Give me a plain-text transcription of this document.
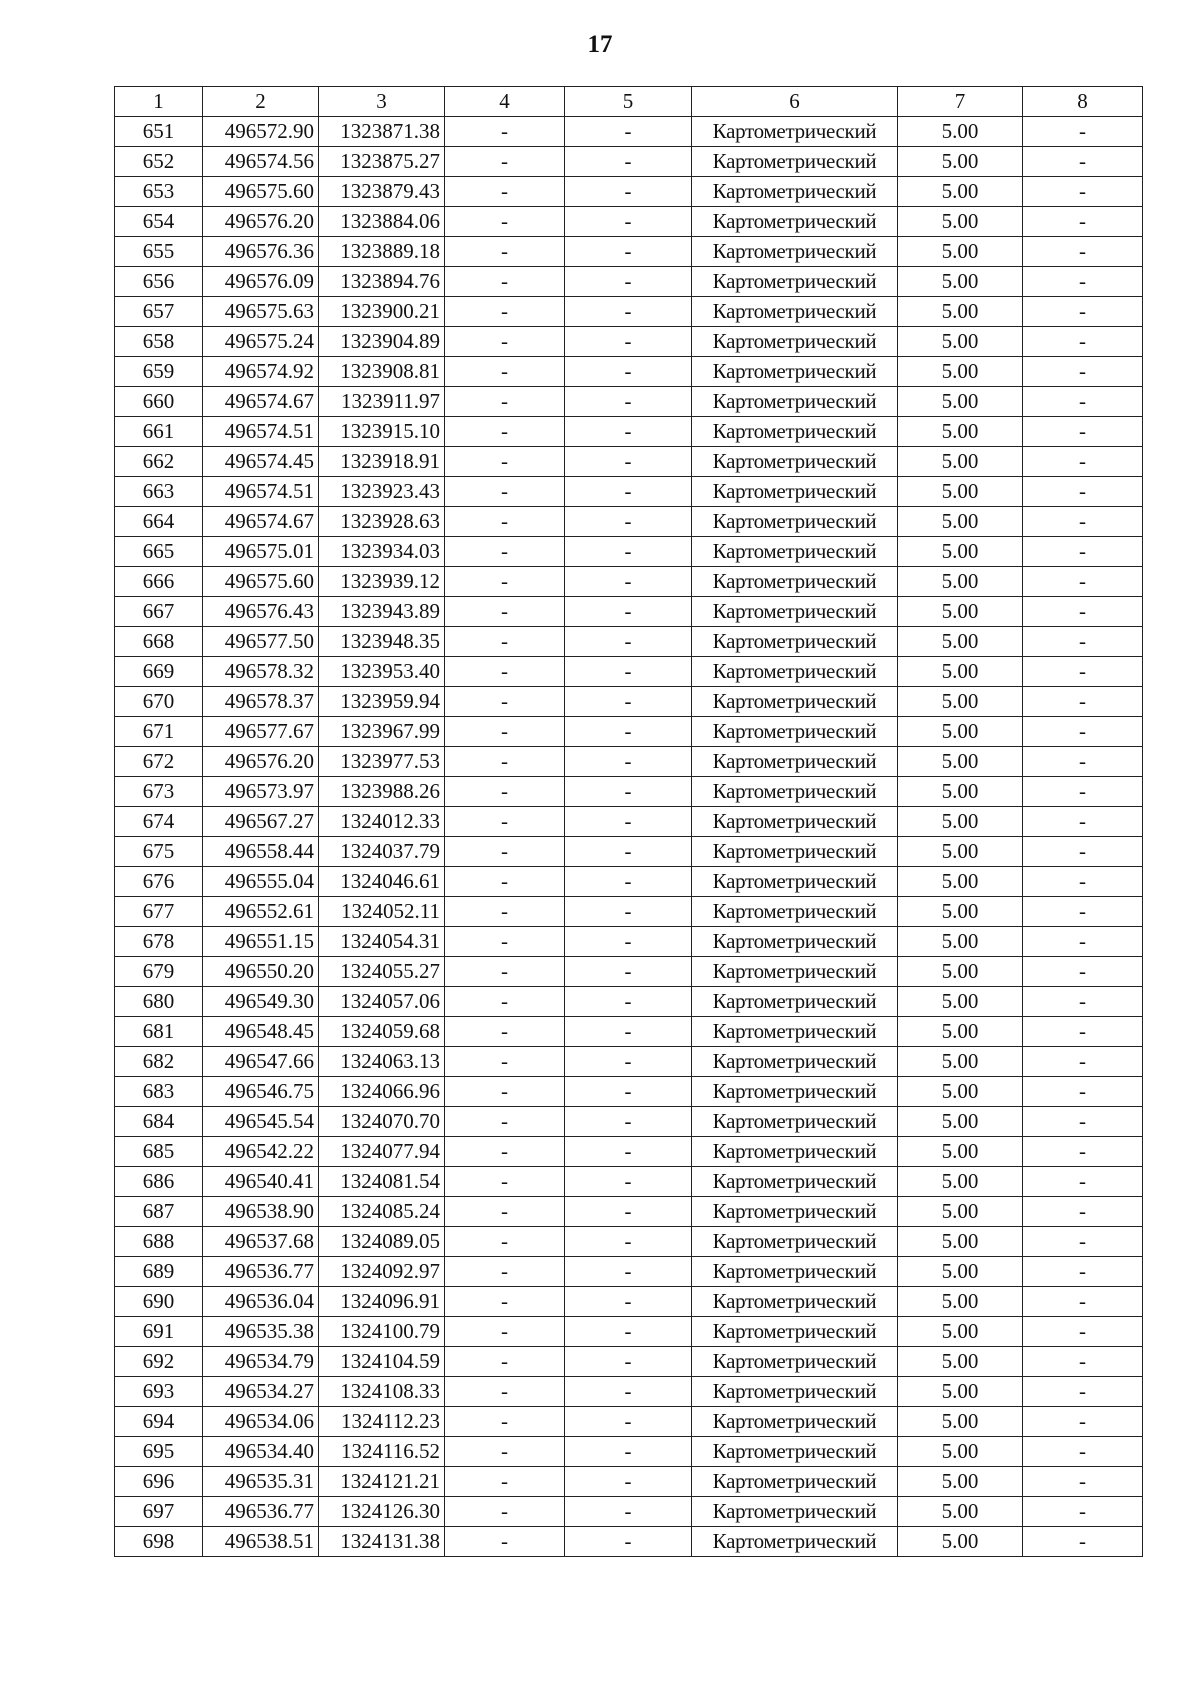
17
1	2	3	4	5	6	7	8
651	496572.90	1323871.38	-	-	Картометрический	5.00	-
652	496574.56	1323875.27	-	-	Картометрический	5.00	-
653	496575.60	1323879.43	-	-	Картометрический	5.00	-
654	496576.20	1323884.06	-	-	Картометрический	5.00	-
655	496576.36	1323889.18	-	-	Картометрический	5.00	-
656	496576.09	1323894.76	-	-	Картометрический	5.00	-
657	496575.63	1323900.21	-	-	Картометрический	5.00	-
658	496575.24	1323904.89	-	-	Картометрический	5.00	-
659	496574.92	1323908.81	-	-	Картометрический	5.00	-
660	496574.67	1323911.97	-	-	Картометрический	5.00	-
661	496574.51	1323915.10	-	-	Картометрический	5.00	-
662	496574.45	1323918.91	-	-	Картометрический	5.00	-
663	496574.51	1323923.43	-	-	Картометрический	5.00	-
664	496574.67	1323928.63	-	-	Картометрический	5.00	-
665	496575.01	1323934.03	-	-	Картометрический	5.00	-
666	496575.60	1323939.12	-	-	Картометрический	5.00	-
667	496576.43	1323943.89	-	-	Картометрический	5.00	-
668	496577.50	1323948.35	-	-	Картометрический	5.00	-
669	496578.32	1323953.40	-	-	Картометрический	5.00	-
670	496578.37	1323959.94	-	-	Картометрический	5.00	-
671	496577.67	1323967.99	-	-	Картометрический	5.00	-
672	496576.20	1323977.53	-	-	Картометрический	5.00	-
673	496573.97	1323988.26	-	-	Картометрический	5.00	-
674	496567.27	1324012.33	-	-	Картометрический	5.00	-
675	496558.44	1324037.79	-	-	Картометрический	5.00	-
676	496555.04	1324046.61	-	-	Картометрический	5.00	-
677	496552.61	1324052.11	-	-	Картометрический	5.00	-
678	496551.15	1324054.31	-	-	Картометрический	5.00	-
679	496550.20	1324055.27	-	-	Картометрический	5.00	-
680	496549.30	1324057.06	-	-	Картометрический	5.00	-
681	496548.45	1324059.68	-	-	Картометрический	5.00	-
682	496547.66	1324063.13	-	-	Картометрический	5.00	-
683	496546.75	1324066.96	-	-	Картометрический	5.00	-
684	496545.54	1324070.70	-	-	Картометрический	5.00	-
685	496542.22	1324077.94	-	-	Картометрический	5.00	-
686	496540.41	1324081.54	-	-	Картометрический	5.00	-
687	496538.90	1324085.24	-	-	Картометрический	5.00	-
688	496537.68	1324089.05	-	-	Картометрический	5.00	-
689	496536.77	1324092.97	-	-	Картометрический	5.00	-
690	496536.04	1324096.91	-	-	Картометрический	5.00	-
691	496535.38	1324100.79	-	-	Картометрический	5.00	-
692	496534.79	1324104.59	-	-	Картометрический	5.00	-
693	496534.27	1324108.33	-	-	Картометрический	5.00	-
694	496534.06	1324112.23	-	-	Картометрический	5.00	-
695	496534.40	1324116.52	-	-	Картометрический	5.00	-
696	496535.31	1324121.21	-	-	Картометрический	5.00	-
697	496536.77	1324126.30	-	-	Картометрический	5.00	-
698	496538.51	1324131.38	-	-	Картометрический	5.00	-
